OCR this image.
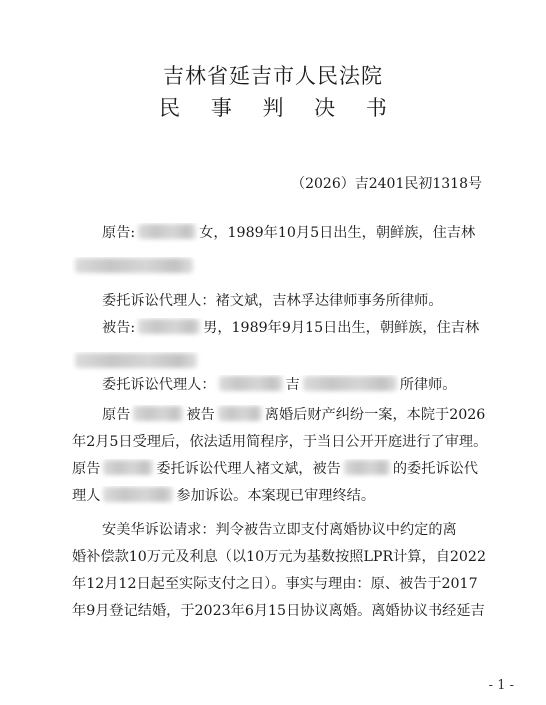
吉林省延吉市人民法院
民 事 判 决 书
（2026）吉2401民初1318号
原告:	女，1989年10月5日出生，朝鲜族，住吉林
委托诉讼代理人：褚文斌，吉林孚达律师事务所律师。
被告:	男，1989年9月15日出生，朝鲜族，住吉林
委托诉讼代理人：	吉	所律师。
原告	被告	离婚后财产纠纷一案，本院于2026
年2月5日受理后，依法适用简程序，于当日公开开庭进行了审理。
原告	委托诉讼代理人褚文斌，被告	的委托诉讼代
理人	参加诉讼。本案现已审理终结。
安美华诉讼请求：判令被告立即支付离婚协议中约定的离
婚补偿款10万元及利息（以10万元为基数按照LPR计算，自2022
年12月12日起至实际支付之日）。事实与理由：原、被告于2017
年9月登记结婚，于2023年6月15日协议离婚。离婚协议书经延吉
- 1 -
